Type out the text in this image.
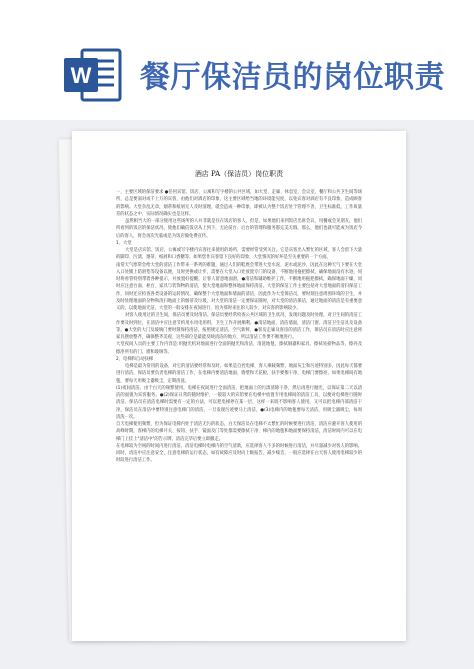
W 餐厅保洁员的岗位职责
酒店 PA（保洁员）岗位职责

一、主要区域的保洁要求 ●任何宾馆、饭店、公寓和写字楼的公共区域，如大堂、走廊、休息室、会议室、餐厅和公共卫生间等场所，总是要面对成千上万的宾客，由他们对酒店的印象，这主要区域给当地的环境能见度，以免宾客对酒店有不良印象，造成顾客的影响。大堂杂乱无章，烟蒂和纸屑无人及时清理，就会造成一种印象，即被认为整个饭店处于管理不善，卫生标准低，工作质量差的状态之中，实际情况确实也是这样。

虽然相当大的一部分使用这些场所的人并非就是住在饭店的客人，但是，如果他们来到饭店出席会议，用餐或会见朋友，他们所看到的饭店的保洁状况，使他们确信饭店从上到下，无论前台、后台的管理和服务都完美无瑕，那么，他们也就可能成为饭店今后的客人，将会再次光临或是为饭店做免费宣传。

1、大堂

大堂是店宾馆、饭店、公寓或写字楼内宾客往来使用的场所，需要经常受到关注。它是宾客出入繁忙的区域，客人会留下大量的脚印、污渍、烟蒂、纸屑和口香糖等。如果您作宾客留下良好的印象，大堂情况的好坏是至关重要的一个方面。

南常天气寒常会给大堂的清洁工作带来一系列的难题，通过人们的鞋底会带进大堂水泥、泥水或泥沙，因此在这种天气下要在大堂入口处铺上防滑垫等设备以便，及时更换或让步，需要在大堂入口处放置专门的设备，不断地用拖把擦拭，确保地面没有水迹，同时将看管特别带着各种提示，并放置好提醒，让客人留意地面滑，●清洁和辅助维护工作，不断地用拖把擦拭，确保地面干燥，同时应注意台面、柜台、家具与装饰物的清洁，使大堂地面和整体地面保持清洁。大堂的保洁工作主要包括对大堂地面的清扫保洁工作，同时还应检查各类设备的运转情况，确保整个大堂地面和墙面的清洁，因此作为大堂保洁员，要时刻注意周围环境的卫生，并及时处理地面的杂物和清扫地面上的烟蒂及垃圾，对大堂的清洁一定要保证随时，对大堂的清洁保洁，通过地面的清洁是有重要意义的，以使地面光洁，大堂的一般安排在夜间进行，因为那时来往的人较少，对宾客的影响较少。

对客人使用过的卫生间，保洁员要及时清洁。保洁员要经常检查公共区域的卫生状况，发现问题及时处理，对卫生间的清洁工作要及时到位，在清洁中应注意节约用水用电用料，卫生工作开展顺利，●清洁地面，清洁墙面，清洁门窗，清洁卫生洁具及设备等。●大堂的大门及玻璃门要时刻保持清洁，按照规定清洁，空气新鲜，●客房走廊及客房的清洁工作，保洁员在清洁时应注意将家具摆放整齐，确保整齐美观，这些部位是最能反映清洁的地方，所以清洁工作要不断地进行。

大堂夜间人员的主要工作内容是:用抛光机对地面进行全面的抛光和清洁，清洗地毯，擦拭铜器和家具，擦拭易损物品等，擦亮及擦净所有的门、窗和玻璃等。

2、电梯和自动扶梯

电梯是最为常用的设备，对它的清洁要经常和及时。如果是自控电梯，客人乘载频繁，地面灰尘和污迹特别多，因此每天都要进行清洁，保洁员要负责电梯的清洁工作，在电梯内要清洁地面、墙壁和天花板，扶手要擦干净，电梯门要擦亮，如果电梯间有地毯，要每天用吸尘器吸尘，定期清洗。

(1)夜间清洁。由于白天的频繁使用，电梯在夜间进行全面清洁，把地面上的污渍清除干净，然后再进行抛光，以保证第二天以清洁的面貌为宾客服务。●(2)保证日常的随时维护，一般较大的宾馆要在电梯中放置专用电梯间的清洁工具，以便对电梯进行随时清洁，保洁员在清洁电梯时需要有一定的方法，可以把电梯停在某一层，这样一来既不影响客人使用，又可以把电梯内部清洁干净，保洁员在清洁中要特别注意电梯门的清洁，一旦发现污迹要马上清洁，●(3)电梯内的地毯要每天清洁，用吸尘器吸尘，每周清洗一次。

自天电梯使用频繁，但为保证电梯内处于清洁无污的状态，白天保洁员在电梯不太繁忙的时候要进行清洁，清洁应避开客人使用的高峰时期，客梯内的电梯开关、按钮、扶手、镜面及门等处都需要擦拭干净，梯内的地毯和地面要保持清洁，清洁时间内可以在电梯门上挂上"清洁中"的告示牌，清洁完毕后要立即撤走。

在电梯较为空闲的时间内进行清洁，清洁电梯时电梯内的空气清新，应选择客人不多的时候进行清洁，并尽量减少对客人的影响。同时，清洁中应注意安全，注意电梯的运行状态，如有故障应及时向上级报告，减少噪音，一般应选择在白天客人使用电梯较少的时段进行清洁工作。
